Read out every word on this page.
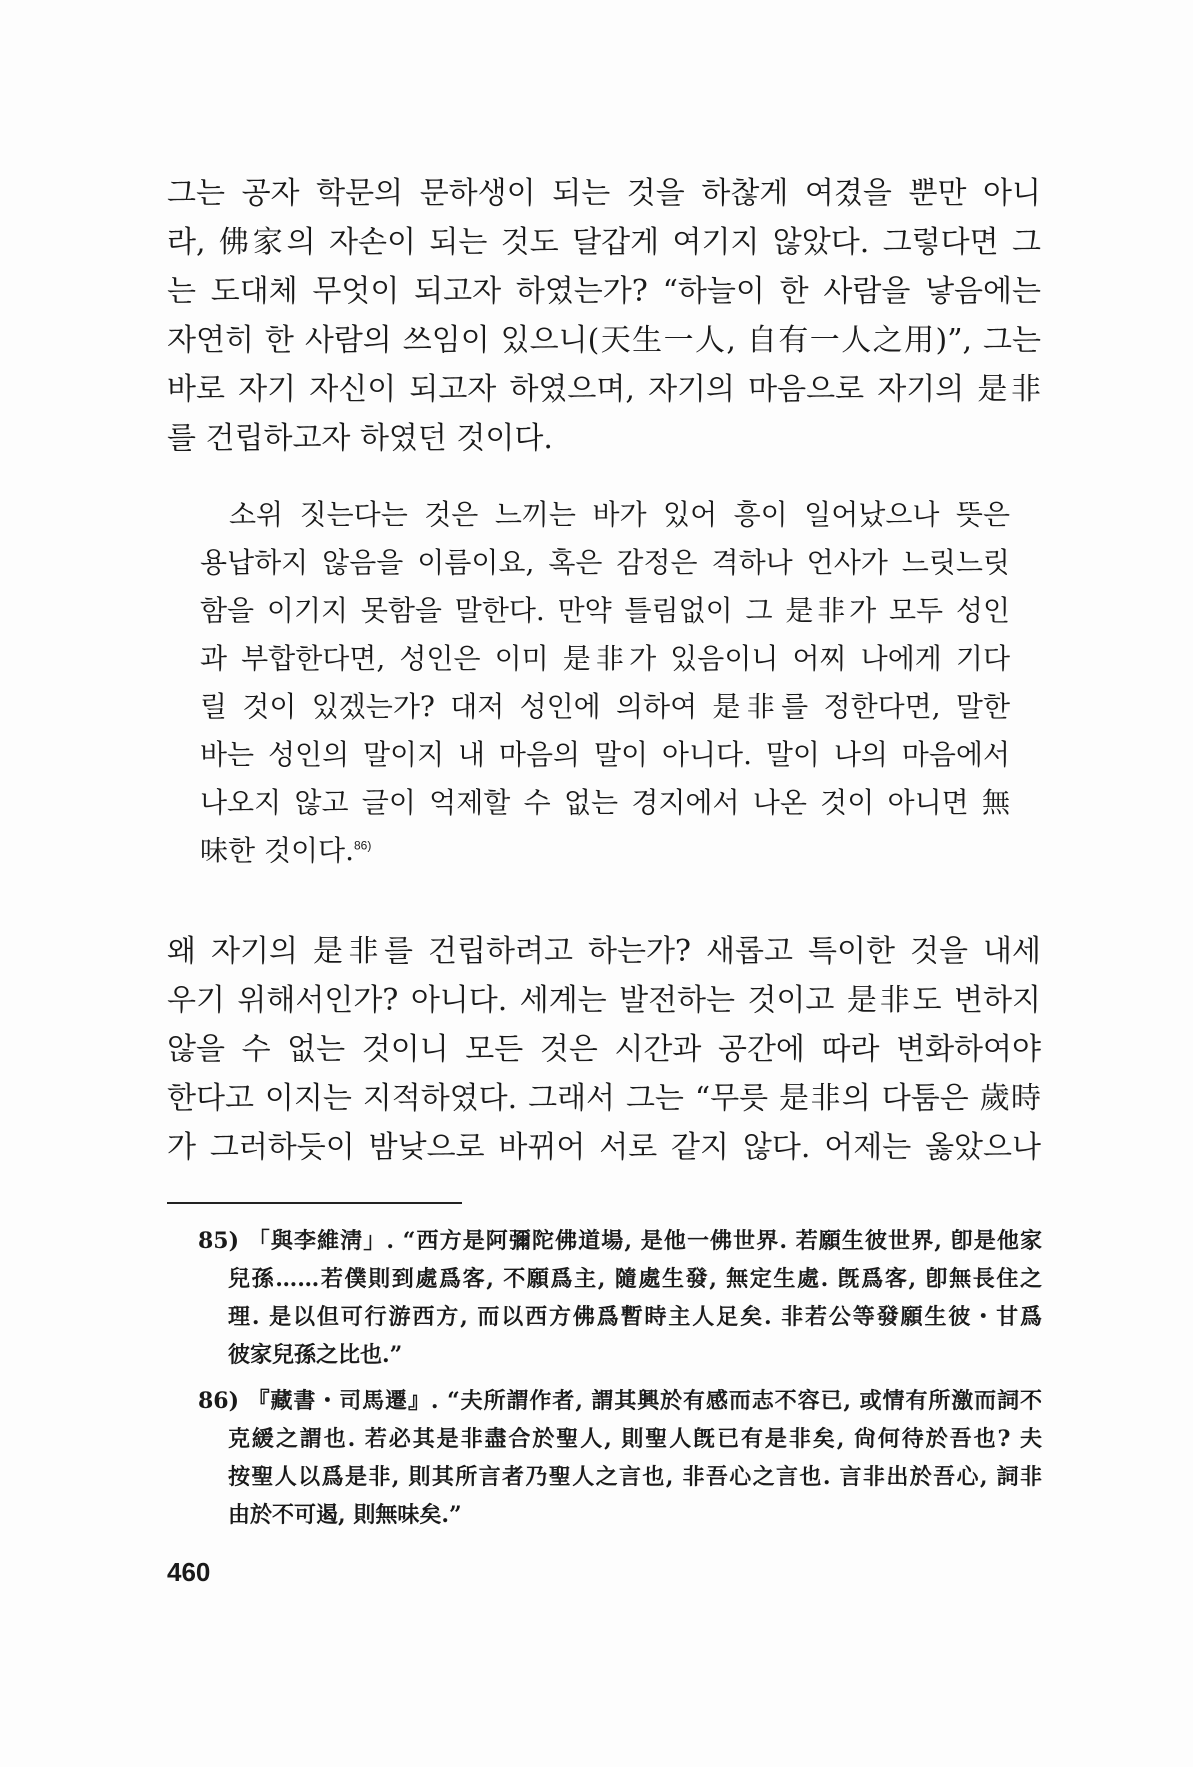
그는 공자 학문의 문하생이 되는 것을 하찮게 여겼을 뿐만 아니
라, 佛家의 자손이 되는 것도 달갑게 여기지 않았다. 그렇다면 그
는 도대체 무엇이 되고자 하였는가? “하늘이 한 사람을 낳음에는
자연히 한 사람의 쓰임이 있으니(天生一人, 自有一人之用)”, 그는
바로 자기 자신이 되고자 하였으며, 자기의 마음으로 자기의 是非
를 건립하고자 하였던 것이다.
소위 짓는다는 것은 느끼는 바가 있어 흥이 일어났으나 뜻은
용납하지 않음을 이름이요, 혹은 감정은 격하나 언사가 느릿느릿
함을 이기지 못함을 말한다. 만약 틀림없이 그 是非가 모두 성인
과 부합한다면, 성인은 이미 是非가 있음이니 어찌 나에게 기다
릴 것이 있겠는가? 대저 성인에 의하여 是非를 정한다면, 말한
바는 성인의 말이지 내 마음의 말이 아니다. 말이 나의 마음에서
나오지 않고 글이 억제할 수 없는 경지에서 나온 것이 아니면 無
味한 것이다.$^{86)}$
왜 자기의 是非를 건립하려고 하는가? 새롭고 특이한 것을 내세
우기 위해서인가? 아니다. 세계는 발전하는 것이고 是非도 변하지
않을 수 없는 것이니 모든 것은 시간과 공간에 따라 변화하여야
한다고 이지는 지적하였다. 그래서 그는 “무릇 是非의 다툼은 歲時
가 그러하듯이 밤낮으로 바뀌어 서로 같지 않다. 어제는 옳았으나
85) 「與李維淸」. “西方是阿彌陀佛道場, 是他一佛世界. 若願生彼世界, 卽是他家
兒孫……若僕則到處爲客, 不願爲主, 隨處生發, 無定生處. 旣爲客, 卽無長住之
理. 是以但可行游西方, 而以西方佛爲暫時主人足矣. 非若公等發願生彼・甘爲
彼家兒孫之比也.”
86) 『藏書・司馬遷』. “夫所謂作者, 謂其興於有感而志不容已, 或情有所激而詞不
克緩之謂也. 若必其是非盡合於聖人, 則聖人旣已有是非矣, 尙何待於吾也? 夫
按聖人以爲是非, 則其所言者乃聖人之言也, 非吾心之言也. 言非出於吾心, 詞非
由於不可遏, 則無味矣.”
460
